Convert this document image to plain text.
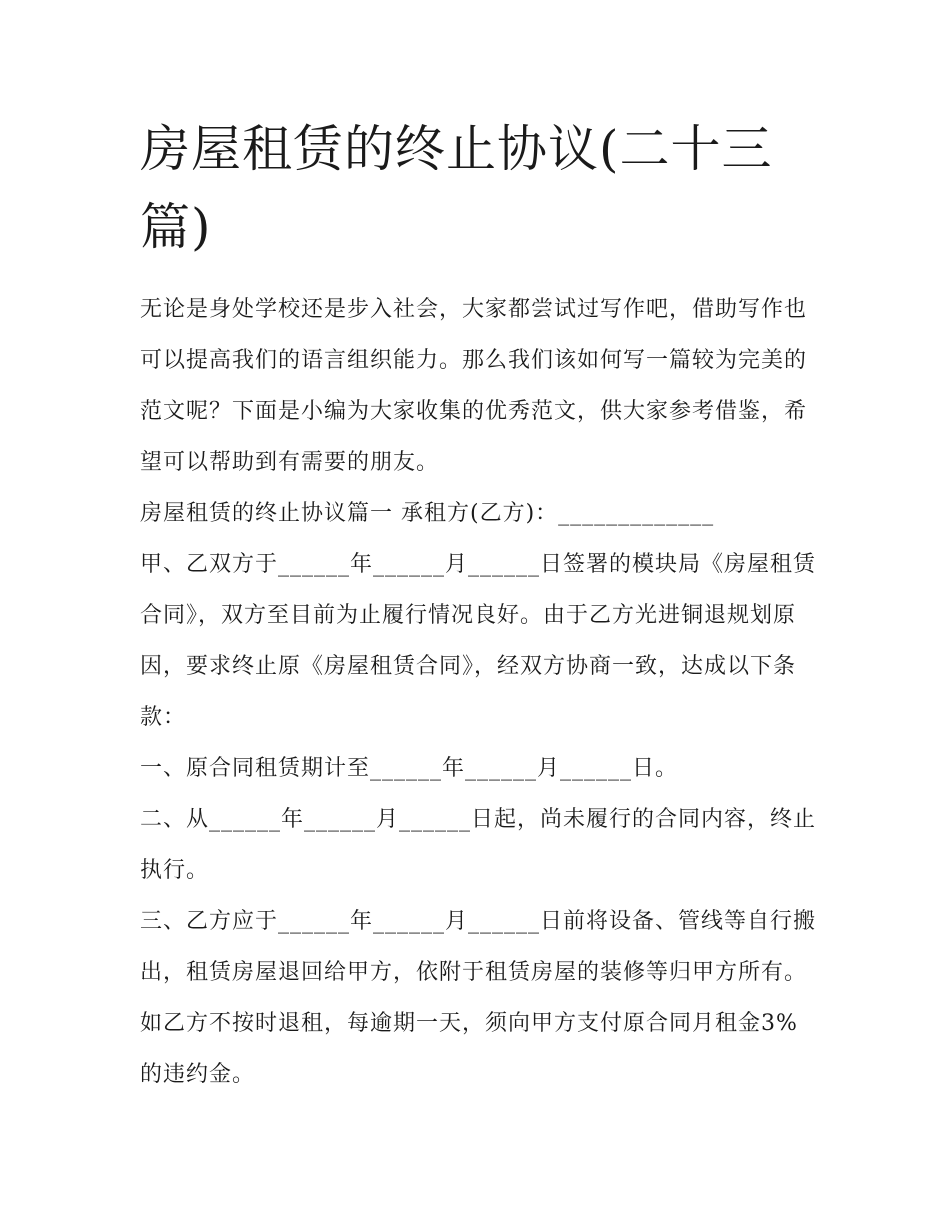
房屋租赁的终止协议(二十三篇)

无论是身处学校还是步入社会，大家都尝试过写作吧，借助写作也可以提高我们的语言组织能力。那么我们该如何写一篇较为完美的范文呢？下面是小编为大家收集的优秀范文，供大家参考借鉴，希望可以帮助到有需要的朋友。

房屋租赁的终止协议篇一 承租方(乙方)：_____________

甲、乙双方于______年______月______日签署的模块局《房屋租赁合同》，双方至目前为止履行情况良好。由于乙方光进铜退规划原因，要求终止原《房屋租赁合同》，经双方协商一致，达成以下条款：

一、原合同租赁期计至______年______月______日。

二、从______年______月______日起，尚未履行的合同内容，终止执行。

三、乙方应于______年______月______日前将设备、管线等自行搬出，租赁房屋退回给甲方，依附于租赁房屋的装修等归甲方所有。如乙方不按时退租，每逾期一天，须向甲方支付原合同月租金3%的违约金。
